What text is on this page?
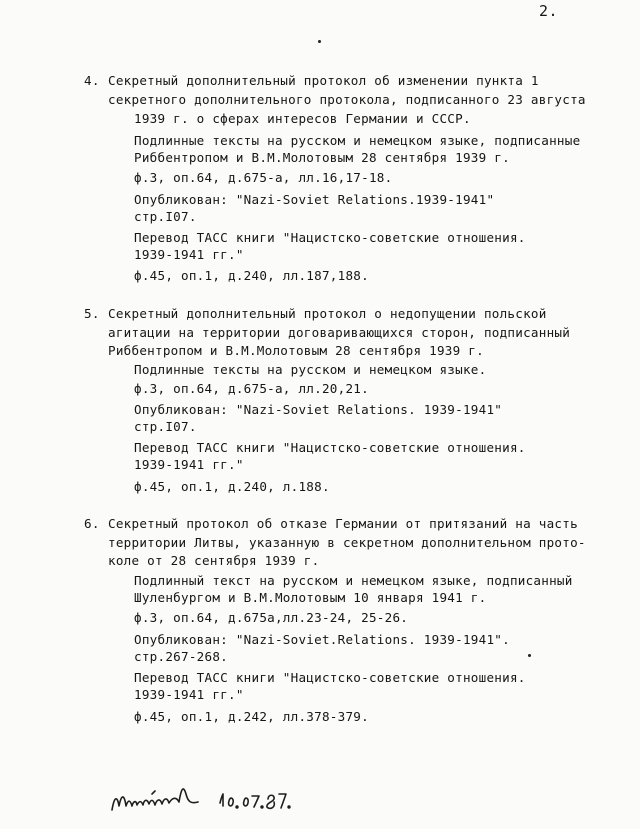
2.
4. Секретный дополнительный протокол об изменении пункта 1
секретного дополнительного протокола, подписанного 23 августа
1939 г. о сферах интересов Германии и СССР.
Подлинные тексты на русском и немецком языке, подписанные
Риббентропом и В.М.Молотовым 28 сентября 1939 г.
ф.3, оп.64, д.675-а, лл.16,17-18.
Опубликован: "Nazi-Soviet Relations.1939-1941"
стр.I07.
Перевод ТАСС книги "Нацистско-советские отношения.
1939-1941 гг."
ф.45, оп.1, д.240, лл.187,188.
5. Секретный дополнительный протокол о недопущении польской
агитации на территории договаривающихся сторон, подписанный
Риббентропом и В.М.Молотовым 28 сентября 1939 г.
Подлинные тексты на русском и немецком языке.
ф.3, оп.64, д.675-а, лл.20,21.
Опубликован: "Nazi-Soviet Relations. 1939-1941"
стр.I07.
Перевод ТАСС книги "Нацистско-советские отношения.
1939-1941 гг."
ф.45, оп.1, д.240, л.188.
6. Секретный протокол об отказе Германии от притязаний на часть
территории Литвы, указанную в секретном дополнительном прото-
коле от 28 сентября 1939 г.
Подлинный текст на русском и немецком языке, подписанный
Шуленбургом и В.М.Молотовым 10 января 1941 г.
ф.3, оп.64, д.675а,лл.23-24, 25-26.
Опубликован: "Nazi-Soviet.Relations. 1939-1941".
стр.267-268.
Перевод ТАСС книги "Нацистско-советские отношения.
1939-1941 гг."
ф.45, оп.1, д.242, лл.378-379.
